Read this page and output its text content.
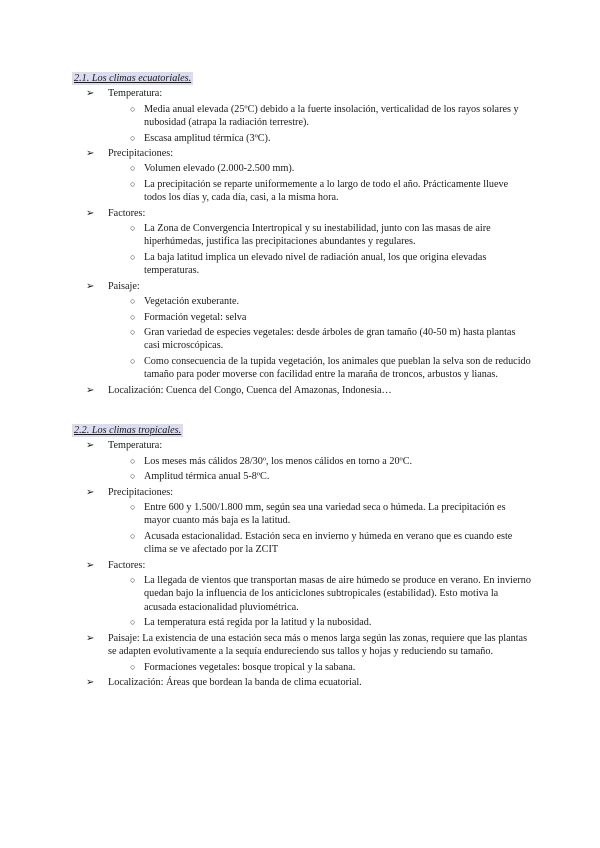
2.1. Los climas ecuatoriales.
➢	Temperatura:
○ Media anual elevada (25ºC) debido a la fuerte insolación, verticalidad de los rayos solares y nubosidad (atrapa la radiación terrestre).
○ Escasa amplitud térmica (3ºC).
➢	Precipitaciones:
○ Volumen elevado (2.000-2.500 mm).
○ La precipitación se reparte uniformemente a lo largo de todo el año. Prácticamente llueve todos los días y, cada día, casi, a la misma hora.
➢	Factores:
○ La Zona de Convergencia Intertropical y su inestabilidad, junto con las masas de aire hiperhúmedas, justifica las precipitaciones abundantes y regulares.
○ La baja latitud implica un elevado nivel de radiación anual, los que origina elevadas temperaturas.
➢	Paisaje:
○ Vegetación exuberante.
○ Formación vegetal: selva
○ Gran variedad de especies vegetales: desde árboles de gran tamaño (40-50 m) hasta plantas casi microscópicas.
○ Como consecuencia de la tupida vegetación, los animales que pueblan la selva son de reducido tamaño para poder moverse con facilidad entre la maraña de troncos, arbustos y lianas.
➢	Localización: Cuenca del Congo, Cuenca del Amazonas, Indonesia…
2.2. Los climas tropicales.
➢	Temperatura:
○ Los meses más cálidos 28/30º, los menos cálidos en torno a 20ºC.
○ Amplitud térmica anual 5-8ºC.
➢	Precipitaciones:
○ Entre 600 y 1.500/1.800 mm, según sea una variedad seca o húmeda. La precipitación es mayor cuanto más baja es la latitud.
○ Acusada estacionalidad. Estación seca en invierno y húmeda en verano que es cuando este clima se ve afectado por la ZCIT
➢	Factores:
○ La llegada de vientos que transportan masas de aire húmedo se produce en verano. En invierno quedan bajo la influencia de los anticiclones subtropicales (estabilidad). Esto motiva la acusada estacionalidad pluviométrica.
○ La temperatura está regida por la latitud y la nubosidad.
➢	Paisaje: La existencia de una estación seca más o menos larga según las zonas, requiere que las plantas se adapten evolutivamente a la sequía endureciendo sus tallos y hojas y reduciendo su tamaño.
○ Formaciones vegetales: bosque tropical y la sabana.
➢	Localización: Áreas que bordean la banda de clima ecuatorial.
